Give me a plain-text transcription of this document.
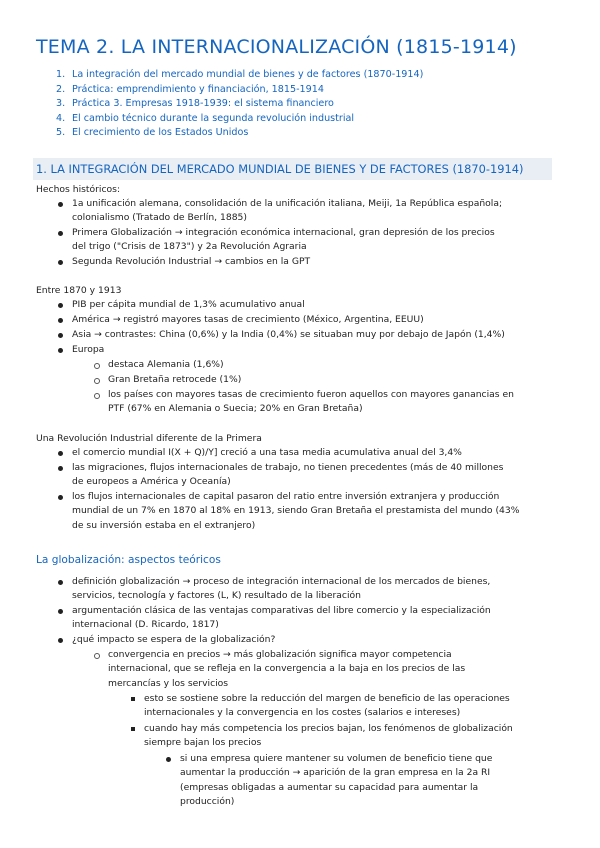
TEMA 2. LA INTERNACIONALIZACIÓN (1815-1914)
1. La integración del mercado mundial de bienes y de factores (1870-1914)
2. Práctica: emprendimiento y financiación, 1815-1914
3. Práctica 3. Empresas 1918-1939: el sistema financiero
4. El cambio técnico durante la segunda revolución industrial
5. El crecimiento de los Estados Unidos
1. LA INTEGRACIÓN DEL MERCADO MUNDIAL DE BIENES Y DE FACTORES (1870-1914)
Hechos históricos:
1a unificación alemana, consolidación de la unificación italiana, Meiji, 1a República española;
colonialismo (Tratado de Berlín, 1885)
Primera Globalización → integración económica internacional, gran depresión de los precios
del trigo ("Crisis de 1873") y 2a Revolución Agraria
Segunda Revolución Industrial → cambios en la GPT
Entre 1870 y 1913
PIB per cápita mundial de 1,3% acumulativo anual
América → registró mayores tasas de crecimiento (México, Argentina, EEUU)
Asia → contrastes: China (0,6%) y la India (0,4%) se situaban muy por debajo de Japón (1,4%)
Europa
destaca Alemania (1,6%)
Gran Bretaña retrocede (1%)
los países con mayores tasas de crecimiento fueron aquellos con mayores ganancias en
PTF (67% en Alemania o Suecia; 20% en Gran Bretaña)
Una Revolución Industrial diferente de la Primera
el comercio mundial I(X + Q)/Y] creció a una tasa media acumulativa anual del 3,4%
las migraciones, flujos internacionales de trabajo, no tienen precedentes (más de 40 millones
de europeos a América y Oceanía)
los flujos internacionales de capital pasaron del ratio entre inversión extranjera y producción
mundial de un 7% en 1870 al 18% en 1913, siendo Gran Bretaña el prestamista del mundo (43%
de su inversión estaba en el extranjero)
La globalización: aspectos teóricos
definición globalización → proceso de integración internacional de los mercados de bienes,
servicios, tecnología y factores (L, K) resultado de la liberación
argumentación clásica de las ventajas comparativas del libre comercio y la especialización
internacional (D. Ricardo, 1817)
¿qué impacto se espera de la globalización?
convergencia en precios → más globalización significa mayor competencia
internacional, que se refleja en la convergencia a la baja en los precios de las
mercancías y los servicios
esto se sostiene sobre la reducción del margen de beneficio de las operaciones
internacionales y la convergencia en los costes (salarios e intereses)
cuando hay más competencia los precios bajan, los fenómenos de globalización
siempre bajan los precios
si una empresa quiere mantener su volumen de beneficio tiene que
aumentar la producción → aparición de la gran empresa en la 2a RI
(empresas obligadas a aumentar su capacidad para aumentar la
producción)
